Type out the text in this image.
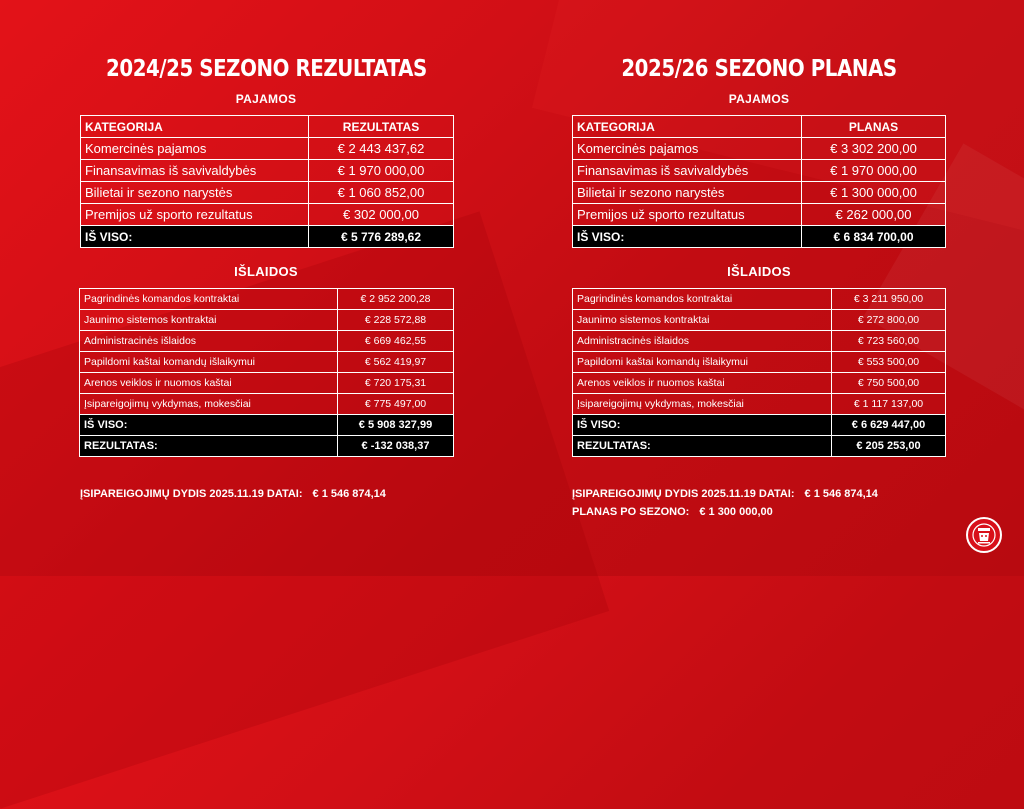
2024/25 SEZONO REZULTATAS
PAJAMOS
KATEGORIJA	REZULTATAS
Komercinės pajamos	€ 2 443 437,62
Finansavimas iš savivaldybės	€ 1 970 000,00
Bilietai ir sezono narystės	€ 1 060 852,00
Premijos už sporto rezultatus	€ 302 000,00
IŠ VISO:	€ 5 776 289,62
IŠLAIDOS
Pagrindinės komandos kontraktai	€ 2 952 200,28
Jaunimo sistemos kontraktai	€ 228 572,88
Administracinės išlaidos	€ 669 462,55
Papildomi kaštai komandų išlaikymui	€ 562 419,97
Arenos veiklos ir nuomos kaštai	€ 720 175,31
Įsipareigojimų vykdymas, mokesčiai	€ 775 497,00
IŠ VISO:	€ 5 908 327,99
REZULTATAS:	€ -132 038,37
ĮSIPAREIGOJIMŲ DYDIS 2025.11.19 DATAI: € 1 546 874,14
2025/26 SEZONO PLANAS
PAJAMOS
KATEGORIJA	PLANAS
Komercinės pajamos	€ 3 302 200,00
Finansavimas iš savivaldybės	€ 1 970 000,00
Bilietai ir sezono narystės	€ 1 300 000,00
Premijos už sporto rezultatus	€ 262 000,00
IŠ VISO:	€ 6 834 700,00
IŠLAIDOS
Pagrindinės komandos kontraktai	€ 3 211 950,00
Jaunimo sistemos kontraktai	€ 272 800,00
Administracinės išlaidos	€ 723 560,00
Papildomi kaštai komandų išlaikymui	€ 553 500,00
Arenos veiklos ir nuomos kaštai	€ 750 500,00
Įsipareigojimų vykdymas, mokesčiai	€ 1 117 137,00
IŠ VISO:	€ 6 629 447,00
REZULTATAS:	€ 205 253,00
ĮSIPAREIGOJIMŲ DYDIS 2025.11.19 DATAI: € 1 546 874,14
PLANAS PO SEZONO: € 1 300 000,00
